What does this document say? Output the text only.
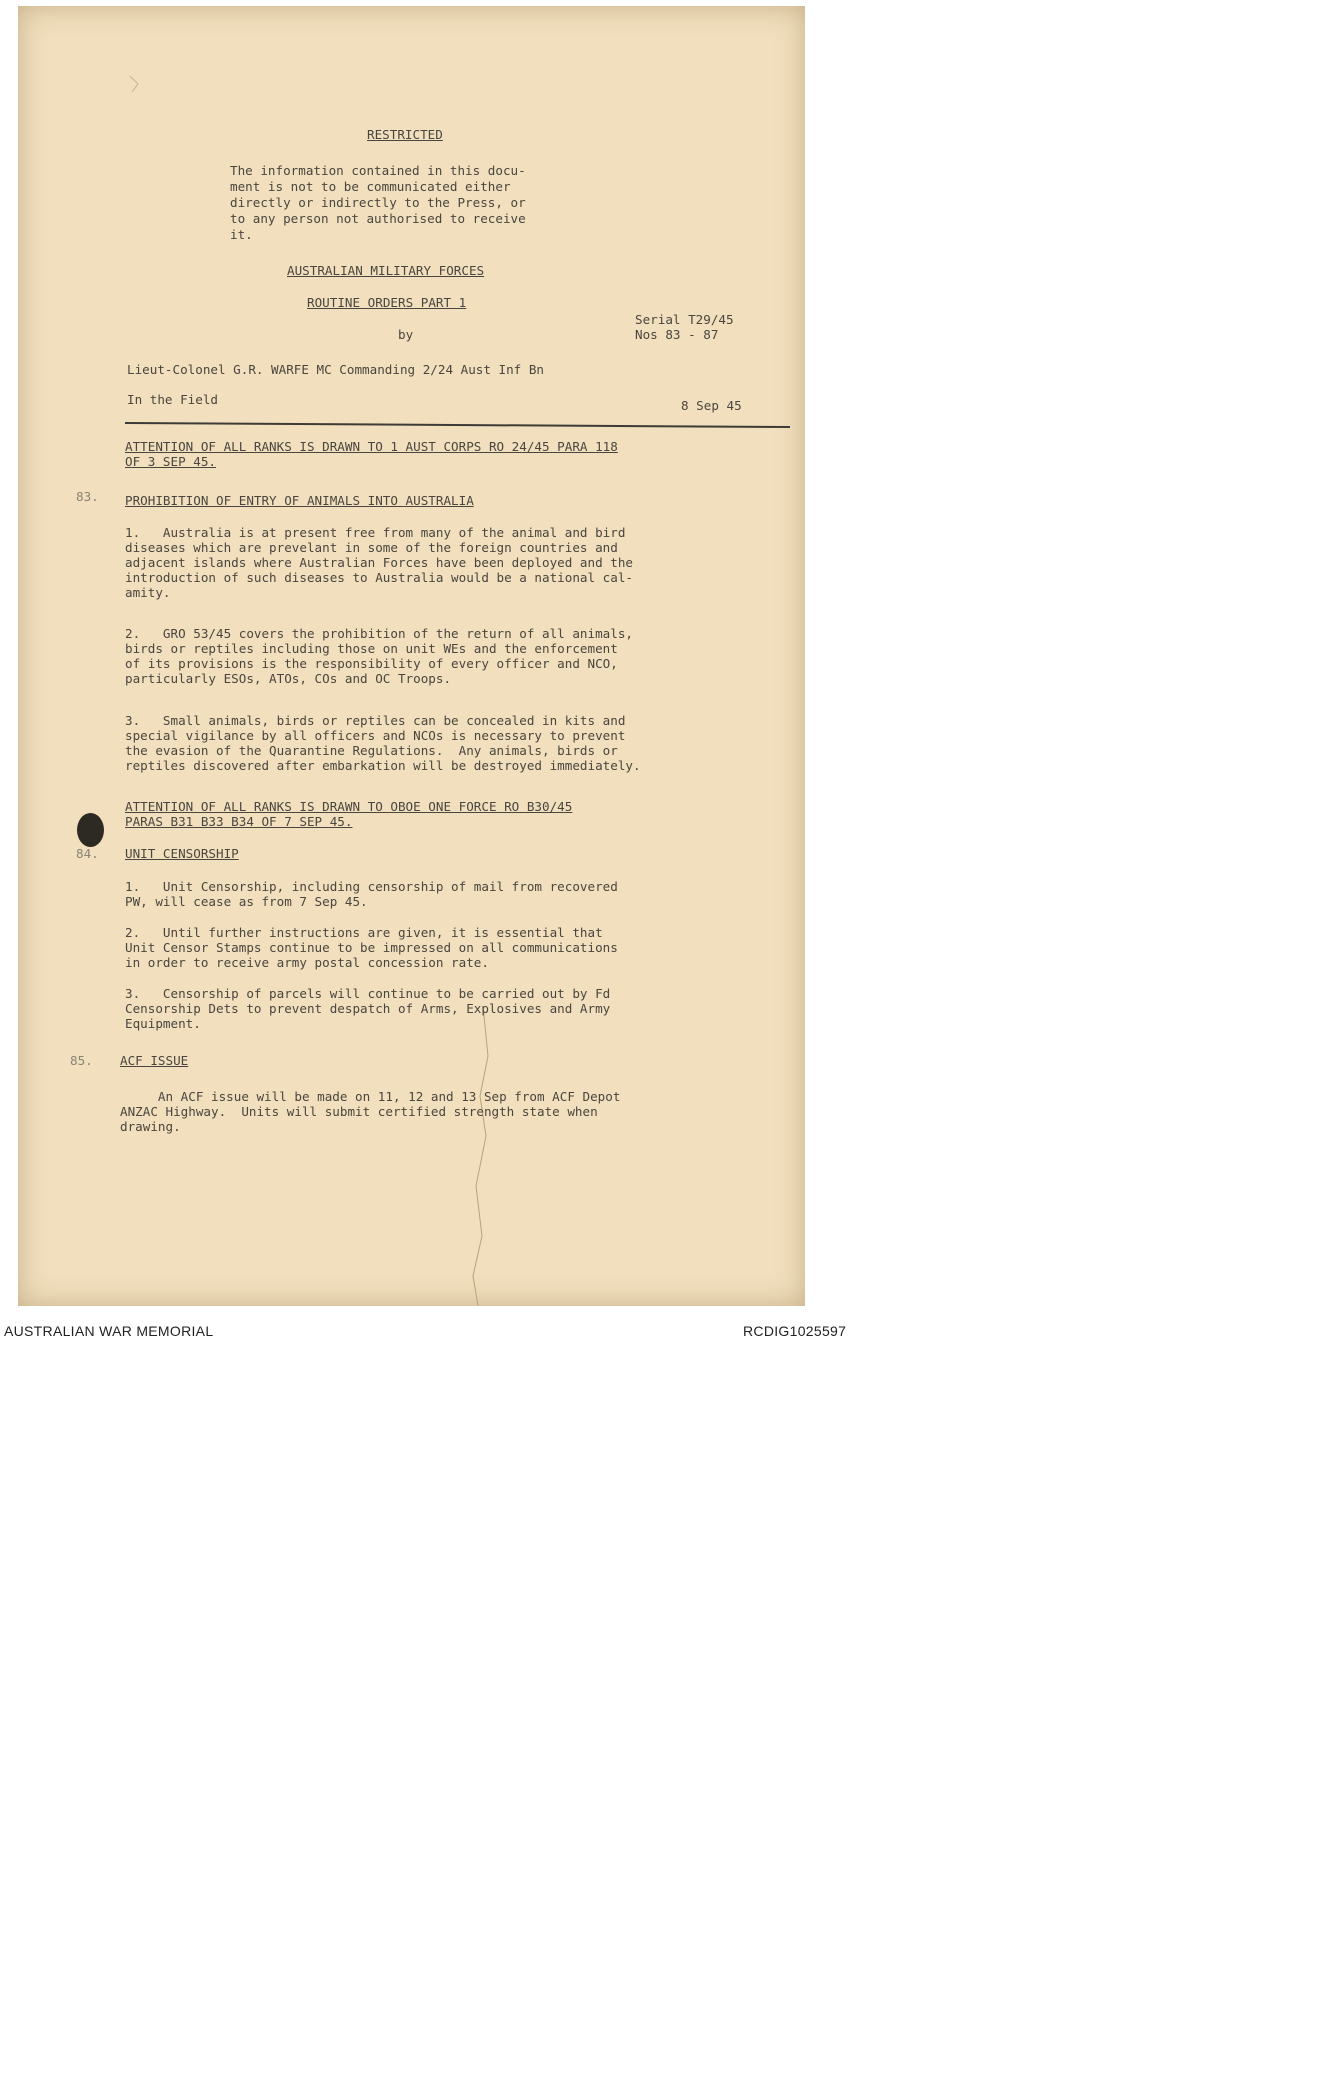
RESTRICTED
The information contained in this docu-
ment is not to be communicated either
directly or indirectly to the Press, or
to any person not authorised to receive
it.
AUSTRALIAN MILITARY FORCES
ROUTINE ORDERS PART 1
Serial T29/45
by	Nos 83 - 87
Lieut-Colonel G.R. WARFE MC Commanding 2/24 Aust Inf Bn
In the Field	8 Sep 45
ATTENTION OF ALL RANKS IS DRAWN TO 1 AUST CORPS RO 24/45 PARA 118
OF 3 SEP 45.
83. PROHIBITION OF ENTRY OF ANIMALS INTO AUSTRALIA
1.   Australia is at present free from many of the animal and bird
diseases which are prevelant in some of the foreign countries and
adjacent islands where Australian Forces have been deployed and the
introduction of such diseases to Australia would be a national cal-
amity.
2.   GRO 53/45 covers the prohibition of the return of all animals,
birds or reptiles including those on unit WEs and the enforcement
of its provisions is the responsibility of every officer and NCO,
particularly ESOs, ATOs, COs and OC Troops.
3.   Small animals, birds or reptiles can be concealed in kits and
special vigilance by all officers and NCOs is necessary to prevent
the evasion of the Quarantine Regulations.  Any animals, birds or
reptiles discovered after embarkation will be destroyed immediately.
ATTENTION OF ALL RANKS IS DRAWN TO OBOE ONE FORCE RO B30/45
PARAS B31 B33 B34 OF 7 SEP 45.
84. UNIT CENSORSHIP
1.   Unit Censorship, including censorship of mail from recovered
PW, will cease as from 7 Sep 45.
2.   Until further instructions are given, it is essential that
Unit Censor Stamps continue to be impressed on all communications
in order to receive army postal concession rate.
3.   Censorship of parcels will continue to be carried out by Fd
Censorship Dets to prevent despatch of Arms, Explosives and Army
Equipment.
85. ACF ISSUE
An ACF issue will be made on 11, 12 and 13 Sep from ACF Depot
ANZAC Highway.  Units will submit certified strength state when
drawing.
AUSTRALIAN WAR MEMORIAL	RCDIG1025597
